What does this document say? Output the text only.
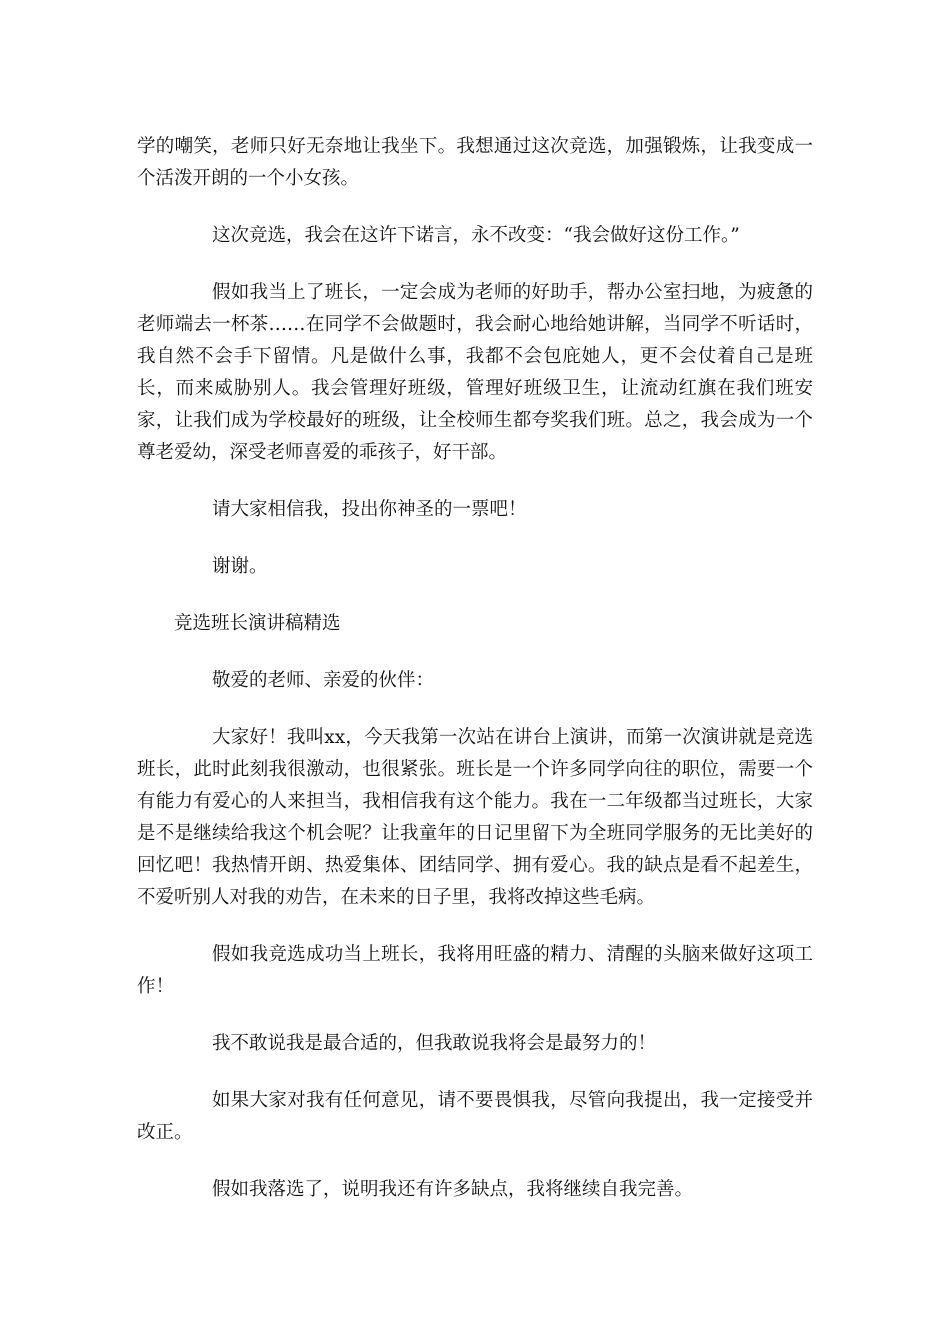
学的嘲笑，老师只好无奈地让我坐下。我想通过这次竞选，加强锻炼，让我变成一个活泼开朗的一个小女孩。

这次竞选，我会在这许下诺言，永不改变：“我会做好这份工作。”

假如我当上了班长，一定会成为老师的好助手，帮办公室扫地，为疲惫的老师端去一杯茶……在同学不会做题时，我会耐心地给她讲解，当同学不听话时，我自然不会手下留情。凡是做什么事，我都不会包庇她人，更不会仗着自己是班长，而来威胁别人。我会管理好班级，管理好班级卫生，让流动红旗在我们班安家，让我们成为学校最好的班级，让全校师生都夸奖我们班。总之，我会成为一个尊老爱幼，深受老师喜爱的乖孩子，好干部。

请大家相信我，投出你神圣的一票吧！

谢谢。

竞选班长演讲稿精选

敬爱的老师、亲爱的伙伴：

大家好！我叫xx，今天我第一次站在讲台上演讲，而第一次演讲就是竞选班长，此时此刻我很激动，也很紧张。班长是一个许多同学向往的职位，需要一个有能力有爱心的人来担当，我相信我有这个能力。我在一二年级都当过班长，大家是不是继续给我这个机会呢？让我童年的日记里留下为全班同学服务的无比美好的回忆吧！我热情开朗、热爱集体、团结同学、拥有爱心。我的缺点是看不起差生，不爱听别人对我的劝告，在未来的日子里，我将改掉这些毛病。

假如我竞选成功当上班长，我将用旺盛的精力、清醒的头脑来做好这项工作！

我不敢说我是最合适的，但我敢说我将会是最努力的！

如果大家对我有任何意见，请不要畏惧我，尽管向我提出，我一定接受并改正。

假如我落选了，说明我还有许多缺点，我将继续自我完善。
